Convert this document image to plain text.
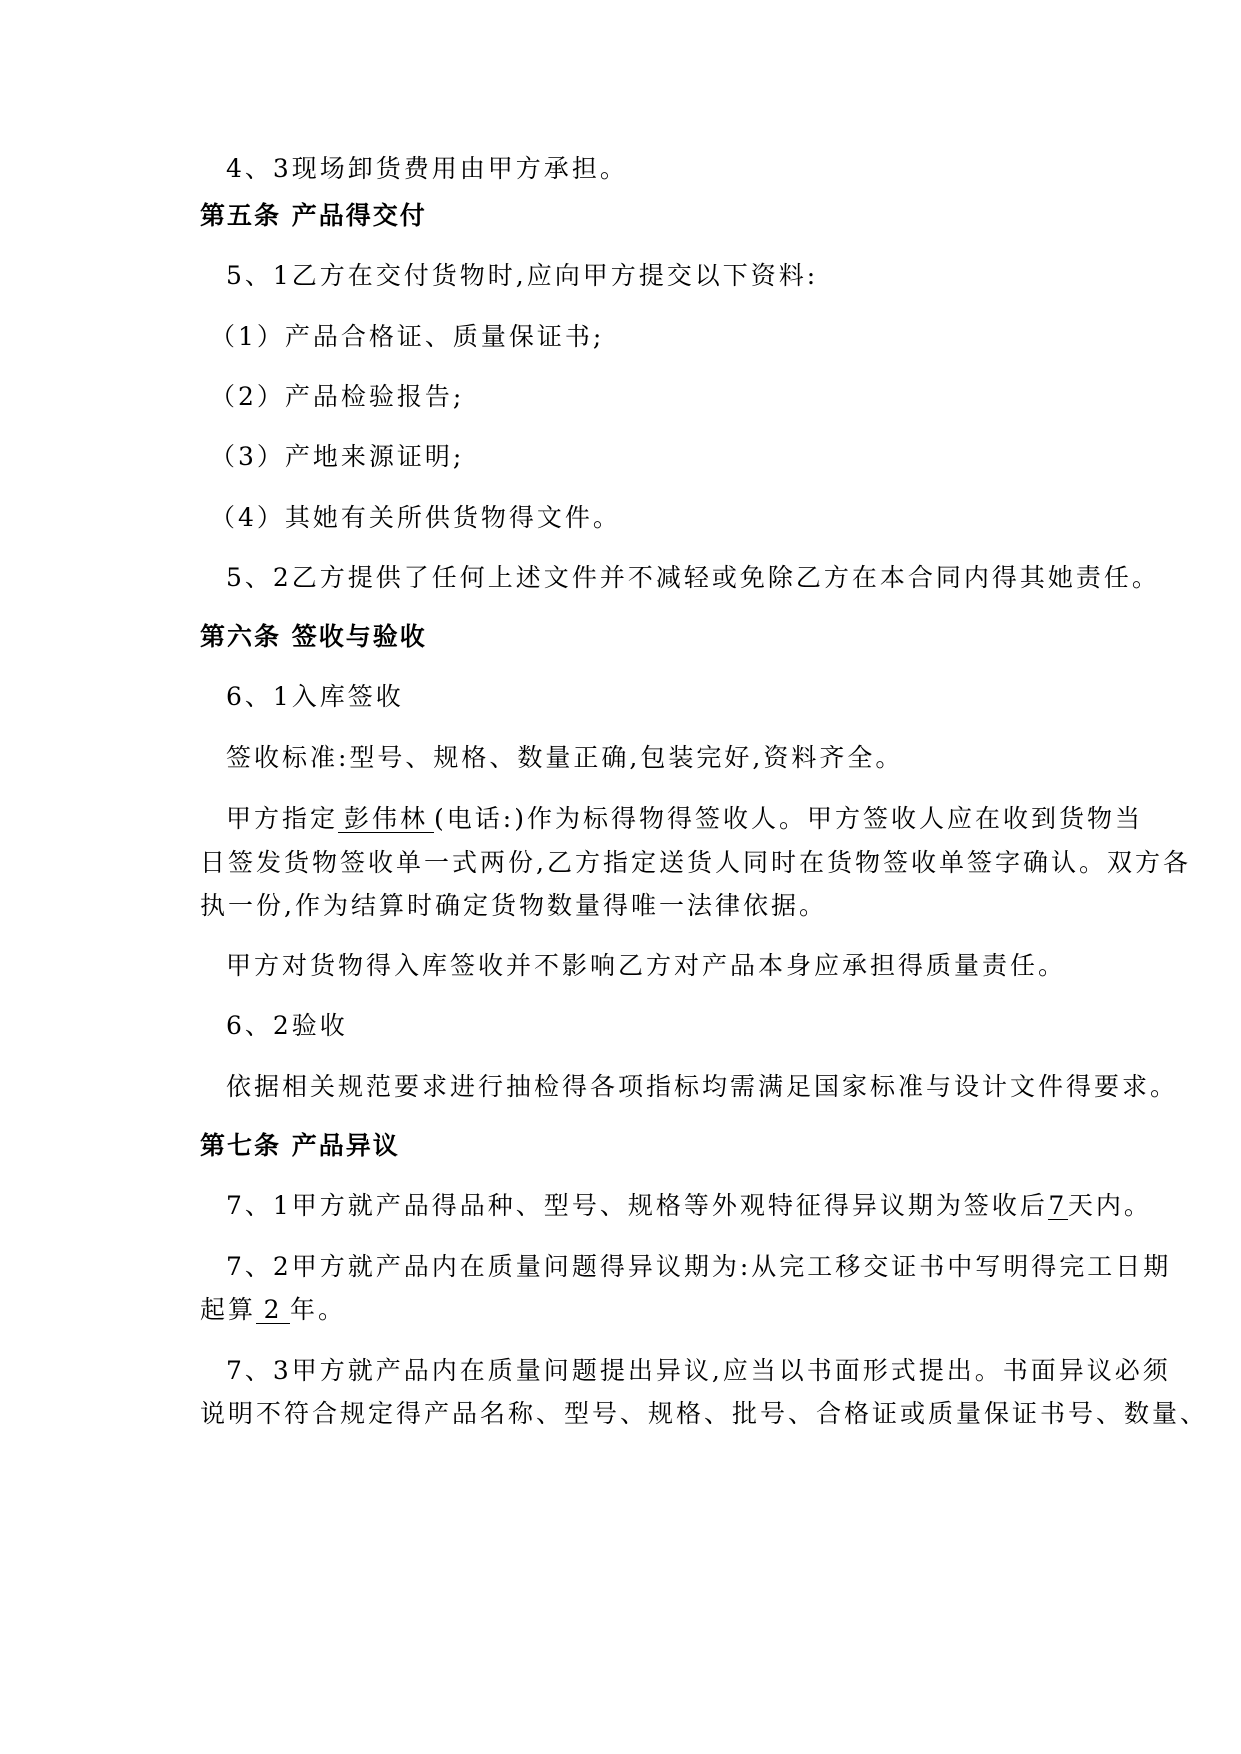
4、3现场卸货费用由甲方承担。
第五条 产品得交付
5、1乙方在交付货物时,应向甲方提交以下资料:
（1）产品合格证、质量保证书;
（2）产品检验报告;
（3）产地来源证明;
（4）其她有关所供货物得文件。
5、2乙方提供了任何上述文件并不减轻或免除乙方在本合同内得其她责任。
第六条 签收与验收
6、1入库签收
签收标准:型号、规格、数量正确,包装完好,资料齐全。
甲方指定 彭伟林 (电话:)作为标得物得签收人。甲方签收人应在收到货物当
日签发货物签收单一式两份,乙方指定送货人同时在货物签收单签字确认。双方各
执一份,作为结算时确定货物数量得唯一法律依据。
甲方对货物得入库签收并不影响乙方对产品本身应承担得质量责任。
6、2验收
依据相关规范要求进行抽检得各项指标均需满足国家标准与设计文件得要求。
第七条 产品异议
7、1甲方就产品得品种、型号、规格等外观特征得异议期为签收后7天内。
7、2甲方就产品内在质量问题得异议期为:从完工移交证书中写明得完工日期
起算 2 年。
7、3甲方就产品内在质量问题提出异议,应当以书面形式提出。书面异议必须
说明不符合规定得产品名称、型号、规格、批号、合格证或质量保证书号、数量、
